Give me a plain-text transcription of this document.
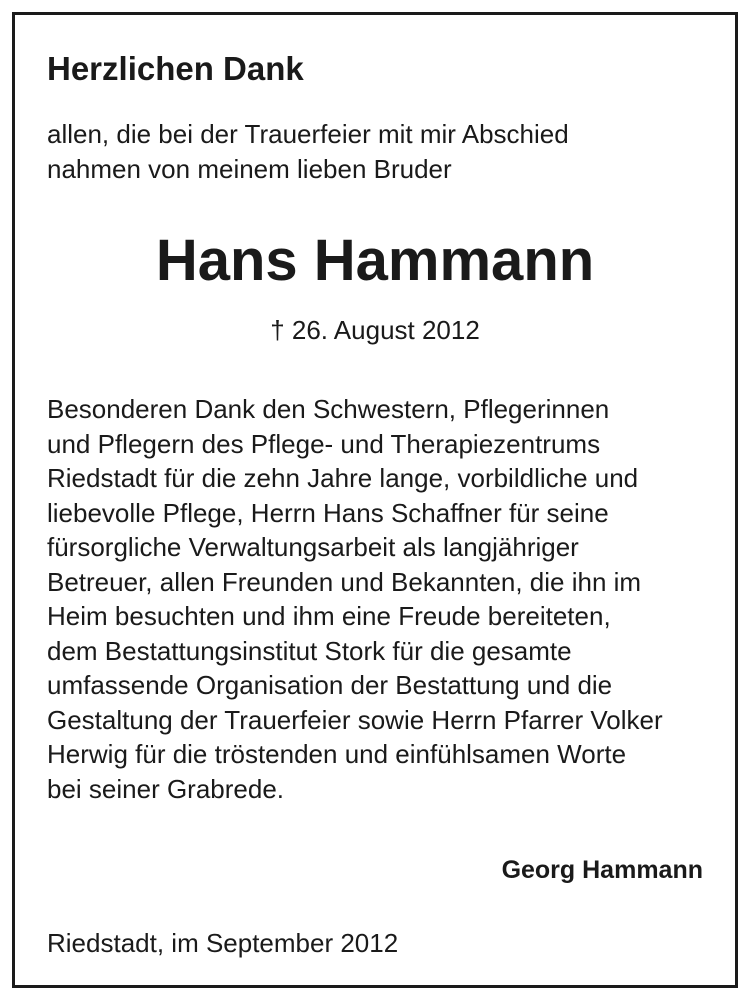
Herzlichen Dank

allen, die bei der Trauerfeier mit mir Abschied
nahmen von meinem lieben Bruder

Hans Hammann

† 26. August 2012

Besonderen Dank den Schwestern, Pflegerinnen
und Pflegern des Pflege- und Therapiezentrums
Riedstadt für die zehn Jahre lange, vorbildliche und
liebevolle Pflege, Herrn Hans Schaffner für seine
fürsorgliche Verwaltungsarbeit als langjähriger
Betreuer, allen Freunden und Bekannten, die ihn im
Heim besuchten und ihm eine Freude bereiteten,
dem Bestattungsinstitut Stork für die gesamte
umfassende Organisation der Bestattung und die
Gestaltung der Trauerfeier sowie Herrn Pfarrer Volker
Herwig für die tröstenden und einfühlsamen Worte
bei seiner Grabrede.

Georg Hammann

Riedstadt, im September 2012
